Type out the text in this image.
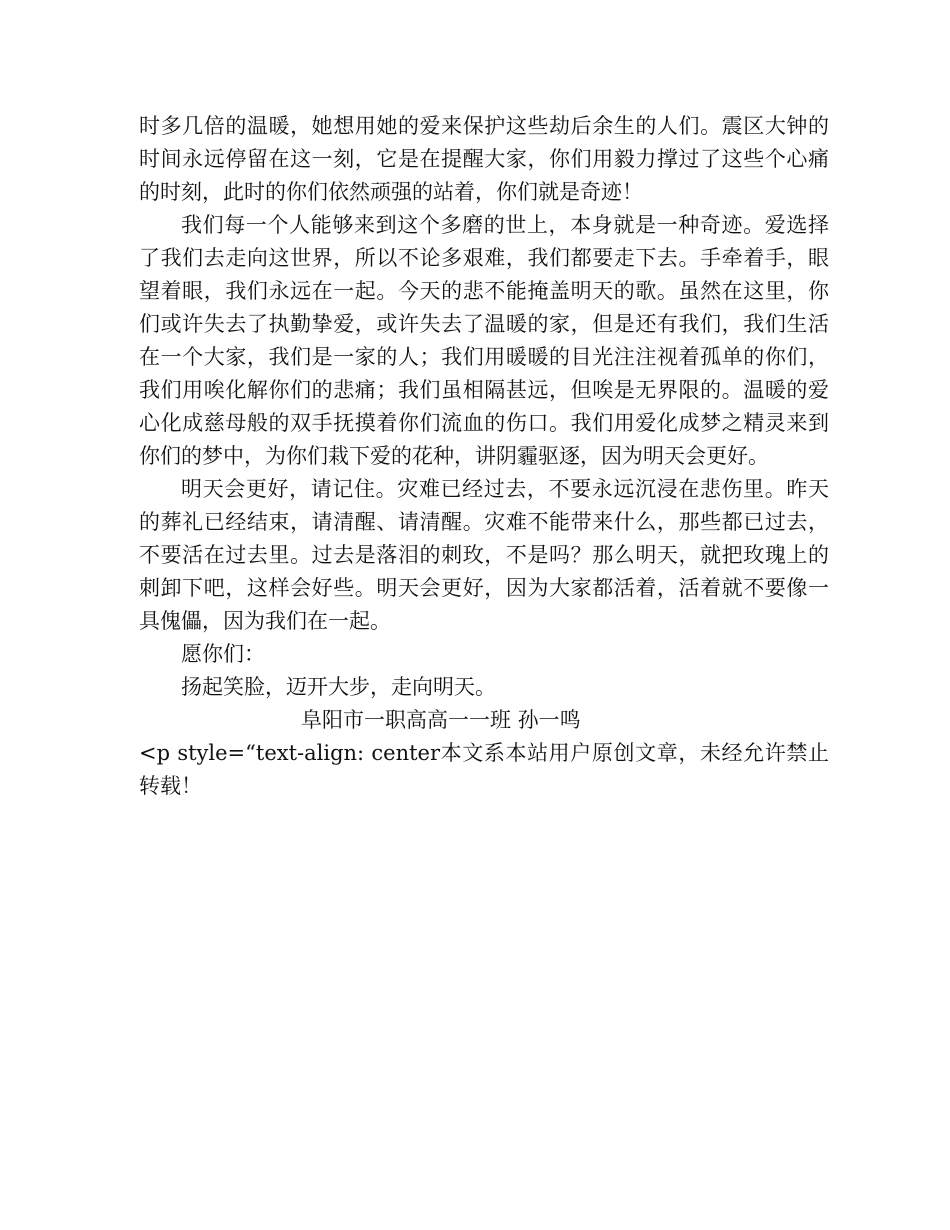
时多几倍的温暖，她想用她的爱来保护这些劫后余生的人们。震区大钟的时间永远停留在这一刻，它是在提醒大家，你们用毅力撑过了这些个心痛的时刻，此时的你们依然顽强的站着，你们就是奇迹！

我们每一个人能够来到这个多磨的世上，本身就是一种奇迹。爱选择了我们去走向这世界，所以不论多艰难，我们都要走下去。手牵着手，眼望着眼，我们永远在一起。今天的悲不能掩盖明天的歌。虽然在这里，你们或许失去了执勤挚爱，或许失去了温暖的家，但是还有我们，我们生活在一个大家，我们是一家的人；我们用暖暖的目光注注视着孤单的你们，我们用唉化解你们的悲痛；我们虽相隔甚远，但唉是无界限的。温暖的爱心化成慈母般的双手抚摸着你们流血的伤口。我们用爱化成梦之精灵来到你们的梦中，为你们栽下爱的花种，讲阴霾驱逐，因为明天会更好。

明天会更好，请记住。灾难已经过去，不要永远沉浸在悲伤里。昨天的葬礼已经结束，请清醒、请清醒。灾难不能带来什么，那些都已过去，不要活在过去里。过去是落泪的刺玫，不是吗？那么明天，就把玫瑰上的刺卸下吧，这样会好些。明天会更好，因为大家都活着，活着就不要像一具傀儡，因为我们在一起。

愿你们：

扬起笑脸，迈开大步，走向明天。

阜阳市一职高高一一班 孙一鸣

<p style=“text-align: center本文系本站用户原创文章，未经允许禁止转载！
